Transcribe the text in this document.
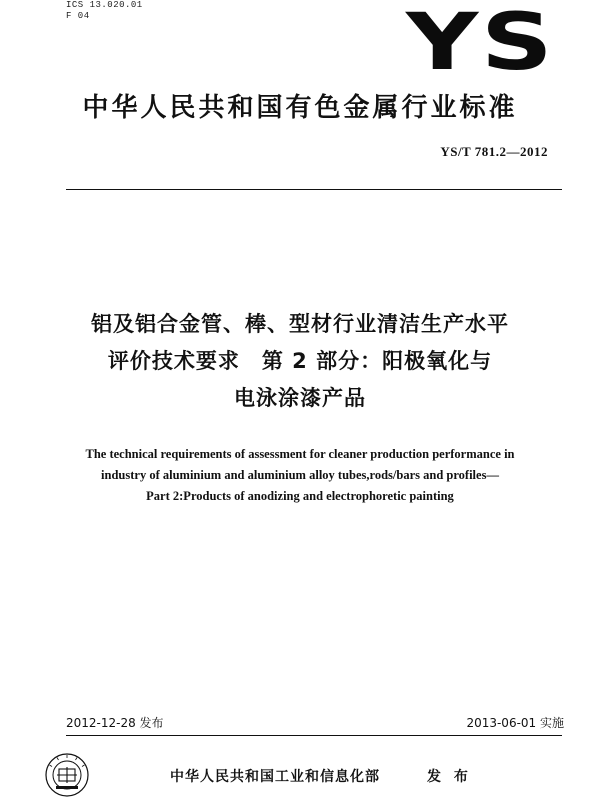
ICS 13.020.01
F 04	YS
中华人民共和国有色金属行业标准
YS/T 781.2—2012
铝及铝合金管、棒、型材行业清洁生产水平
评价技术要求　第 2 部分：阳极氧化与
电泳涂漆产品
The technical requirements of assessment for cleaner production performance in
industry of aluminium and aluminium alloy tubes,rods/bars and profiles—
Part 2:Products of anodizing and electrophoretic painting
2012-12-28 发布	2013-06-01 实施
中华人民共和国工业和信息化部	发 布
